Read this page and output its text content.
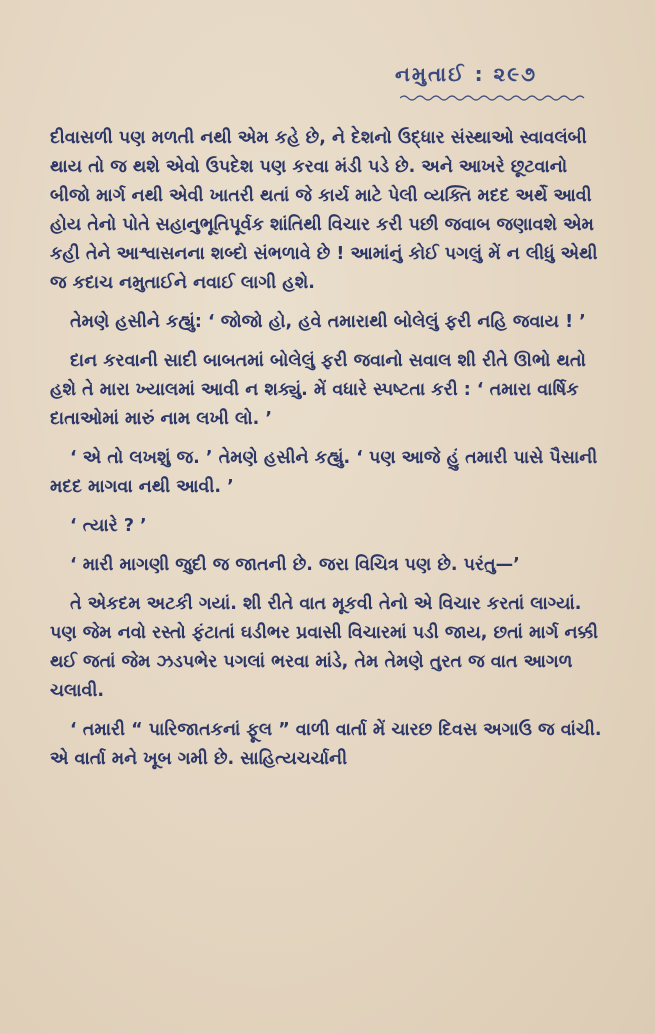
નમુતાઈ : ૨૯૭

દીવાસળી પણ મળતી નથી એમ કહે છે, ને દેશનો ઉદ્ધાર સંસ્થાઓ સ્વાવલંબી થાય તો જ થશે એવો ઉપદેશ પણ કરવા મંડી પડે છે. અને આખરે છૂટવાનો બીજો માર્ગ નથી એવી ખાતરી થતાં જે કાર્ય માટે પેલી વ્યક્તિ મદદ અર્થે આવી હોય તેનો પોતે સહાનુભૂતિપૂર્વક શાંતિથી વિચાર કરી પછી જવાબ જણાવશે એમ કહી તેને આશ્વાસનના શબ્દો સંભળાવે છે ! આમાંનું કોઈ પગલું મેં ન લીધું એથી જ કદાચ નમુતાઈને નવાઈ લાગી હશે.

તેમણે હસીને કહ્યું: ‘ જોજો હો, હવે તમારાથી બોલેલું ફરી નહિ જવાય ! ’

દાન કરવાની સાદી બાબતમાં બોલેલું ફરી જવાનો સવાલ શી રીતે ઊભો થતો હશે તે મારા ખ્યાલમાં આવી ન શક્યું. મેં વધારે સ્પષ્ટતા કરી : ‘ તમારા વાર્ષિક દાતાઓમાં મારું નામ લખી લો. ’

‘ એ તો લખશું જ. ’ તેમણે હસીને કહ્યું. ‘ પણ આજે હું તમારી પાસે પૈસાની મદદ માગવા નથી આવી. ’

‘ ત્યારે ? ’

‘ મારી માગણી જુદી જ જાતની છે. જરા વિચિત્ર પણ છે. પરંતુ—’

તે એકદમ અટકી ગયાં. શી રીતે વાત મૂકવી તેનો એ વિચાર કરતાં લાગ્યાં. પણ જેમ નવો રસ્તો ફંટાતાં ઘડીભર પ્રવાસી વિચારમાં પડી જાય, છતાં માર્ગ નક્કી થઈ જતાં જેમ ઝડપભેર પગલાં ભરવા માંડે, તેમ તેમણે તુરત જ વાત આગળ ચલાવી.

‘ તમારી “ પારિજાતકનાં ફૂલ ” વાળી વાર્તા મેં ચારછ દિવસ અગાઉ જ વાંચી. એ વાર્તા મને ખૂબ ગમી છે. સાહિત્યચર્ચાની
